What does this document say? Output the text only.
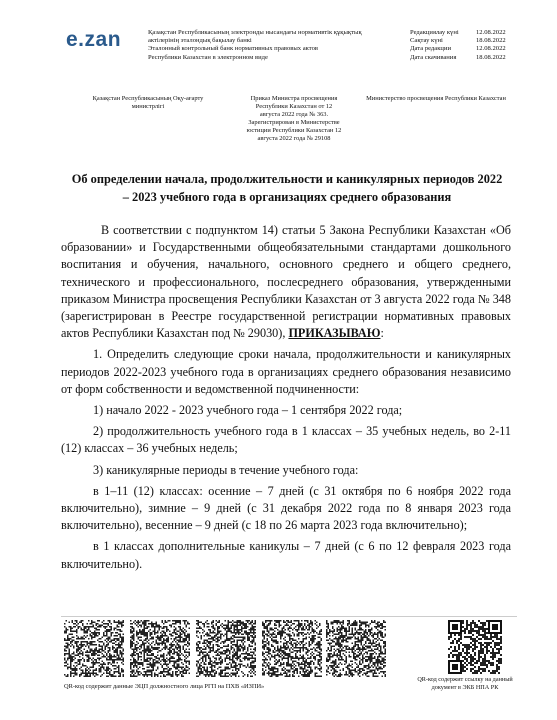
e.zan	Қазақстан Республикасының электронды нысандағы нормативтік құқықтық
актілерінің эталондық бақылау банкі
Эталонный контрольный банк нормативных правовых актов
Республики Казахстан в электронном виде
Редакциялау күні	12.08.2022
Сақтау күні	18.08.2022
Дата редакции	12.08.2022
Дата скачивания	18.08.2022
Қазақстан Республикасының Оқу-ағарту
министрлігі
Приказ Министра просвещения
Республики Казахстан от 12
августа 2022 года № 363.
Зарегистрирован в Министерстве
юстиции Республики Казахстан 12
августа 2022 года № 29108
Министерство просвещения Республики Казахстан
Об определении начала, продолжительности и каникулярных периодов 2022
– 2023 учебного года в организациях среднего образования

В соответствии с подпунктом 14) статьи 5 Закона Республики Казахстан «Об образовании» и Государственными общеобязательными стандартами дошкольного воспитания и обучения, начального, основного среднего и общего среднего, технического и профессионального, послесреднего образования, утвержденными приказом Министра просвещения Республики Казахстан от 3 августа 2022 года № 348 (зарегистрирован в Реестре государственной регистрации нормативных правовых актов Республики Казахстан под № 29030), ПРИКАЗЫВАЮ:

1. Определить следующие сроки начала, продолжительности и каникулярных периодов 2022-2023 учебного года в организациях среднего образования независимо от форм собственности и ведомственной подчиненности:

1) начало 2022 - 2023 учебного года – 1 сентября 2022 года;

2) продолжительность учебного года в 1 классах – 35 учебных недель, во 2-11 (12) классах – 36 учебных недель;

3) каникулярные периоды в течение учебного года:

в 1–11 (12) классах: осенние – 7 дней (с 31 октября по 6 ноября 2022 года включительно), зимние – 9 дней (с 31 декабря 2022 года по 8 января 2023 года включительно), весенние – 9 дней (с 18 по 26 марта 2023 года включительно);

в 1 классах дополнительные каникулы – 7 дней (с 6 по 12 февраля 2023 года включительно).

QR-код содержит данные ЭЦП должностного лица РГП на ПХВ «ИЗПИ»
QR-код содержит ссылку на данный документ в ЭКБ НПА РК
